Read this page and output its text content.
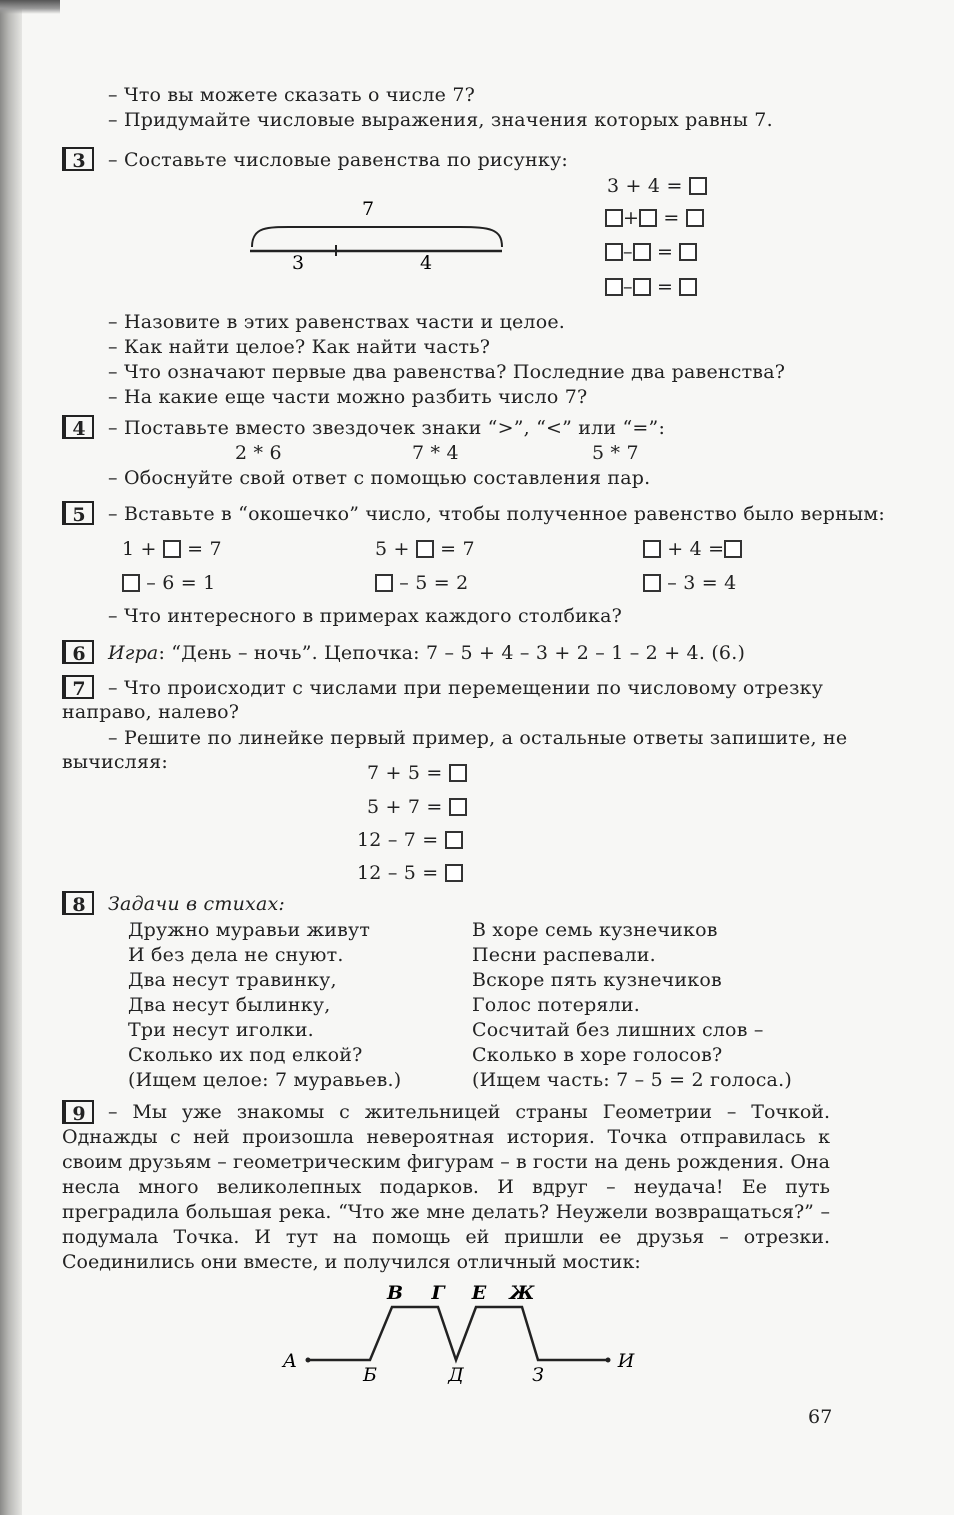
– Что вы можете сказать о числе 7?
– Придумайте числовые выражения, значения которых равны 7.
3	– Составьте числовые равенства по рисунку:
7
3	4
3 + 4 =
+ =
– =
– =
– Назовите в этих равенствах части и целое.
– Как найти целое? Как найти часть?
– Что означают первые два равенства? Последние два равенства?
– На какие еще части можно разбить число 7?
4	– Поставьте вместо звездочек знаки “>”, “<” или “=”:
2 * 6	7 * 4	5 * 7
– Обоснуйте свой ответ с помощью составления пар.
5	– Вставьте в “окошечко” число, чтобы полученное равенство было верным:
1 + = 7	5 + = 7	+ 4 =
– 6 = 1	– 5 = 2	– 3 = 4
– Что интересного в примерах каждого столбика?
6	Игра: “День – ночь”. Цепочка: 7 – 5 + 4 – 3 + 2 – 1 – 2 + 4. (6.)
7	– Что происходит с числами при перемещении по числовому отрезку
направо, налево?
– Решите по линейке первый пример, а остальные ответы запишите, не
вычисляя:	7 + 5 =
5 + 7 =
12 – 7 =
12 – 5 =
8	Задачи в стихах:
Дружно муравьи живут
И без дела не снуют.
Два несут травинку,
Два несут былинку,
Три несут иголки.
Сколько их под елкой?
(Ищем целое: 7 муравьев.)
В хоре семь кузнечиков
Песни распевали.
Вскоре пять кузнечиков
Голос потеряли.
Сосчитай без лишних слов –
Сколько в хоре голосов?
(Ищем часть: 7 – 5 = 2 голоса.)
9	– Мы уже знакомы с жительницей страны Геометрии – Точкой. Однажды с ней произошла невероятная история. Точка отправилась к своим друзьям – геометрическим фигурам – в гости на день рождения. Она несла много великолепных подарков. И вдруг – неудача! Ее путь преградила большая река. “Что же мне делать? Неужели возвращаться?” – подумала Точка. И тут на помощь ей пришли ее друзья – отрезки. Соединились они вместе, и получился отличный мостик:
А
Б
В Г
Д
Е Ж
З
И
67
